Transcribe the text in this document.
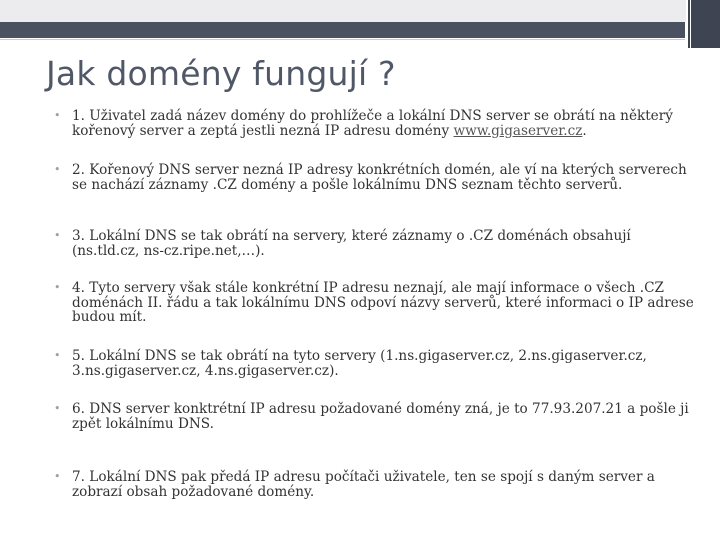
Jak domény fungují ?
• 1. Uživatel zadá název domény do prohlížeče a lokální DNS server se obrátí na některý kořenový server a zeptá jestli nezná IP adresu domény www.gigaserver.cz.
• 2. Kořenový DNS server nezná IP adresy konkrétních domén, ale ví na kterých serverech se nachází záznamy .CZ domény a pošle lokálnímu DNS seznam těchto serverů.
• 3. Lokální DNS se tak obrátí na servery, které záznamy o .CZ doménách obsahují (ns.tld.cz, ns-cz.ripe.net,…).
• 4. Tyto servery však stále konkrétní IP adresu neznají, ale mají informace o všech .CZ doménách II. řádu a tak lokálnímu DNS odpoví názvy serverů, které informaci o IP adrese budou mít.
• 5. Lokální DNS se tak obrátí na tyto servery (1.ns.gigaserver.cz, 2.ns.gigaserver.cz, 3.ns.gigaserver.cz, 4.ns.gigaserver.cz).
• 6. DNS server konktrétní IP adresu požadované domény zná, je to 77.93.207.21 a pošle ji zpět lokálnímu DNS.
• 7. Lokální DNS pak předá IP adresu počítači uživatele, ten se spojí s daným server a zobrazí obsah požadované domény.
